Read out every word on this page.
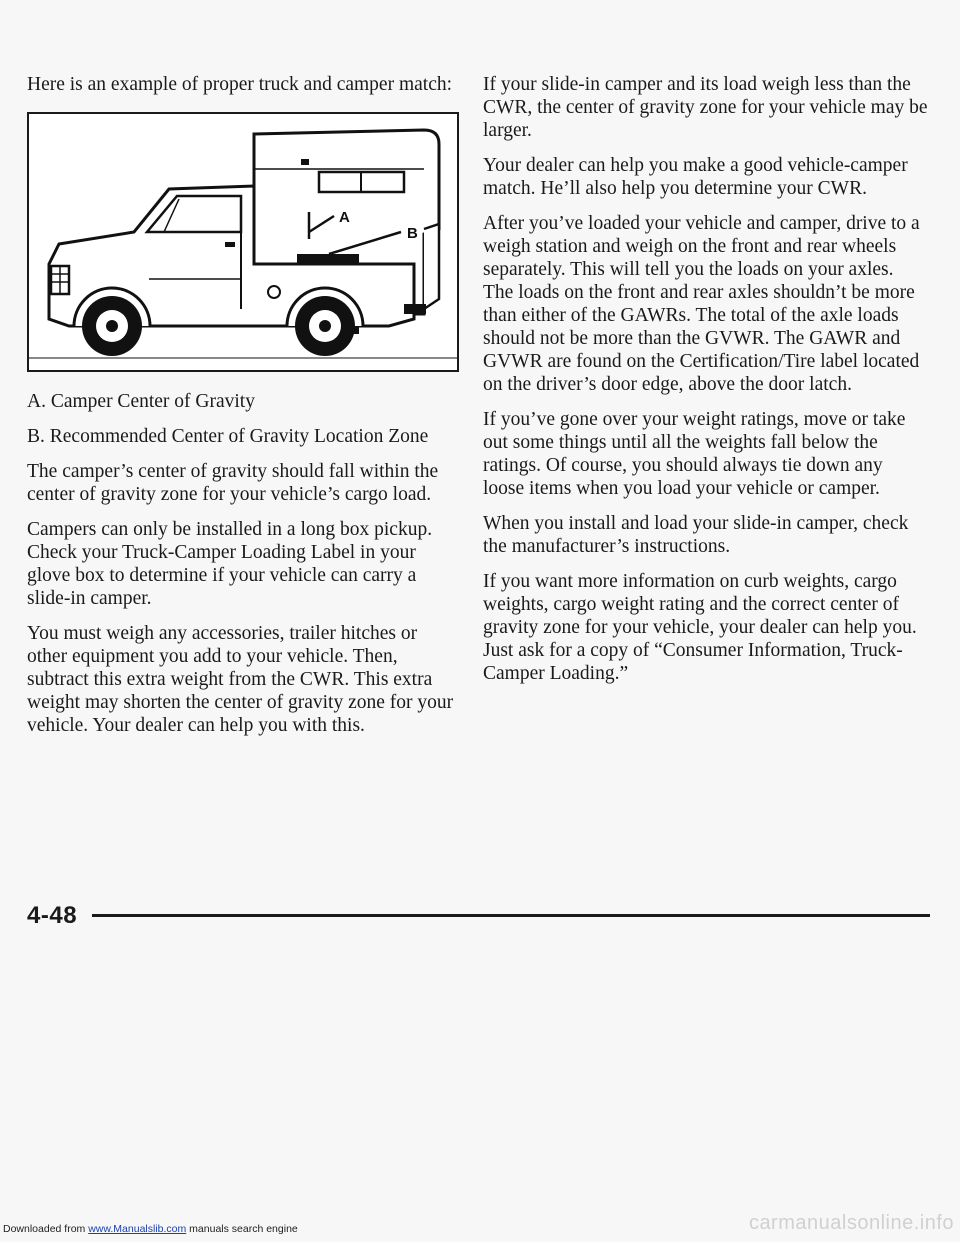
Here is an example of proper truck and camper match:

A
B

A. Camper Center of Gravity

B. Recommended Center of Gravity Location Zone

The camper’s center of gravity should fall within the center of gravity zone for your vehicle’s cargo load.

Campers can only be installed in a long box pickup. Check your Truck-Camper Loading Label in your glove box to determine if your vehicle can carry a slide-in camper.

You must weigh any accessories, trailer hitches or other equipment you add to your vehicle. Then, subtract this extra weight from the CWR. This extra weight may shorten the center of gravity zone for your vehicle. Your dealer can help you with this.

If your slide-in camper and its load weigh less than the CWR, the center of gravity zone for your vehicle may be larger.

Your dealer can help you make a good vehicle-camper match. He’ll also help you determine your CWR.

After you’ve loaded your vehicle and camper, drive to a weigh station and weigh on the front and rear wheels separately. This will tell you the loads on your axles. The loads on the front and rear axles shouldn’t be more than either of the GAWRs. The total of the axle loads should not be more than the GVWR. The GAWR and GVWR are found on the Certification/Tire label located on the driver’s door edge, above the door latch.

If you’ve gone over your weight ratings, move or take out some things until all the weights fall below the ratings. Of course, you should always tie down any loose items when you load your vehicle or camper.

When you install and load your slide-in camper, check the manufacturer’s instructions.

If you want more information on curb weights, cargo weights, cargo weight rating and the correct center of gravity zone for your vehicle, your dealer can help you. Just ask for a copy of “Consumer Information, Truck-Camper Loading.”

4-48
Downloaded from www.Manualslib.com manuals search engine	carmanualsonline.info
